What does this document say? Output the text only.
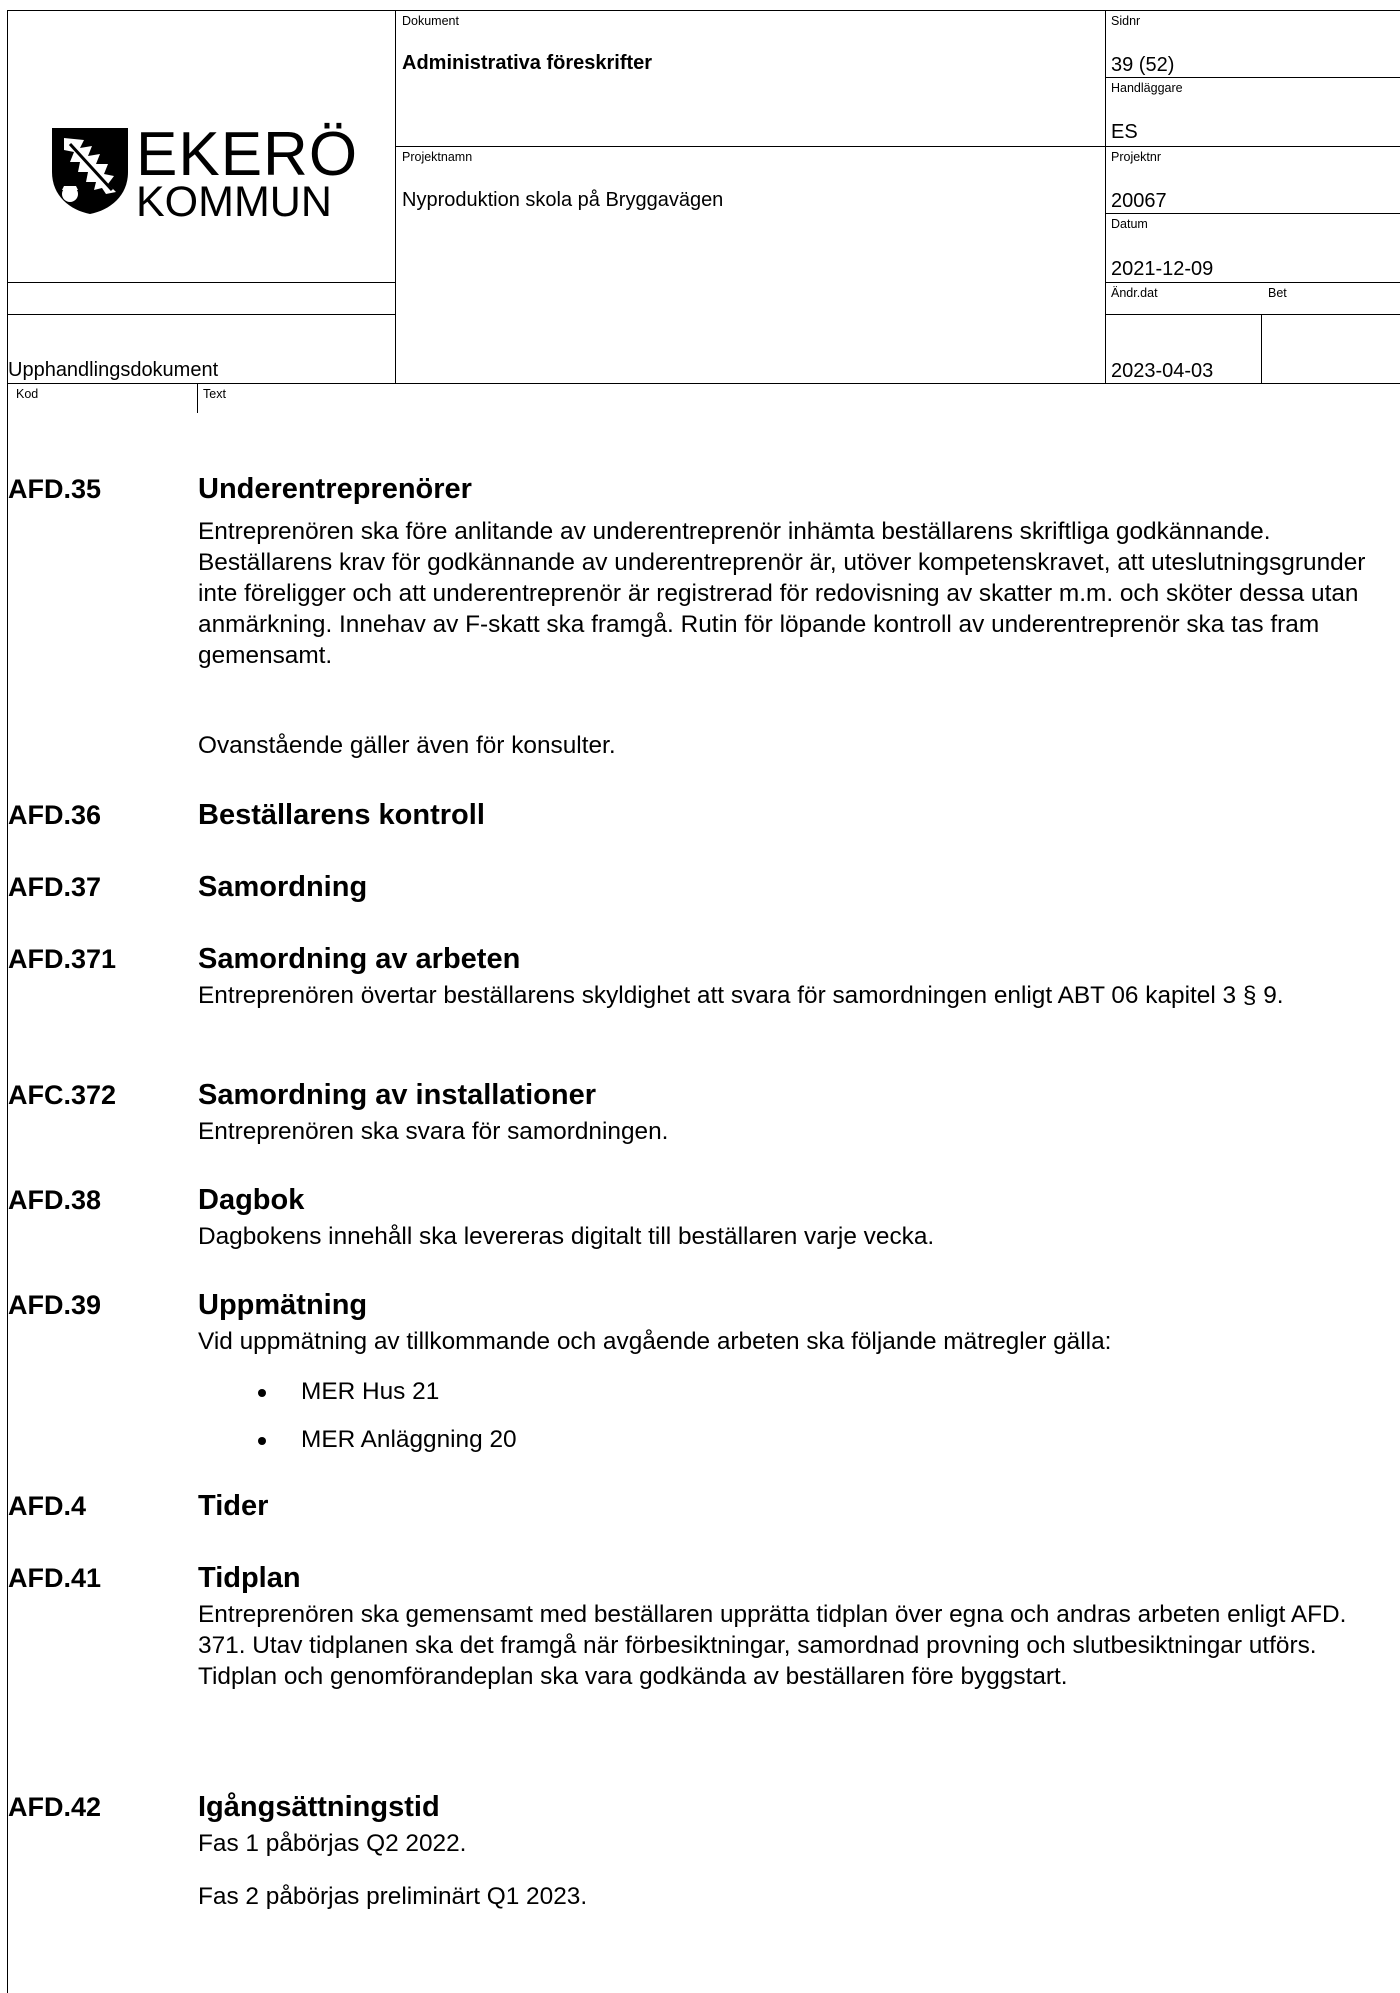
EKERÖ
KOMMUN
Dokument
Administrativa föreskrifter
Sidnr
39 (52)
Handläggare
ES
Projektnamn
Nyproduktion skola på Bryggavägen
Projektnr
20067
Datum
2021-12-09
Ändr.dat	Bet
2023-04-03
Upphandlingsdokument
Kod	Text
AFD.35	Underentreprenörer
Entreprenören ska före anlitande av underentreprenör inhämta beställarens skriftliga godkännande. Beställarens krav för godkännande av underentreprenör är, utöver kompetenskravet, att uteslutningsgrunder inte föreligger och att underentreprenör är registrerad för redovisning av skatter m.m. och sköter dessa utan anmärkning. Innehav av F-skatt ska framgå. Rutin för löpande kontroll av underentreprenör ska tas fram gemensamt.
Ovanstående gäller även för konsulter.
AFD.36	Beställarens kontroll
AFD.37	Samordning
AFD.371	Samordning av arbeten
Entreprenören övertar beställarens skyldighet att svara för samordningen enligt ABT 06 kapitel 3 § 9.
AFC.372	Samordning av installationer
Entreprenören ska svara för samordningen.
AFD.38	Dagbok
Dagbokens innehåll ska levereras digitalt till beställaren varje vecka.
AFD.39	Uppmätning
Vid uppmätning av tillkommande och avgående arbeten ska följande mätregler gälla:
MER Hus 21
MER Anläggning 20
AFD.4	Tider
AFD.41	Tidplan
Entreprenören ska gemensamt med beställaren upprätta tidplan över egna och andras arbeten enligt AFD. 371. Utav tidplanen ska det framgå när förbesiktningar, samordnad provning och slutbesiktningar utförs. Tidplan och genomförandeplan ska vara godkända av beställaren före byggstart.
AFD.42	Igångsättningstid
Fas 1 påbörjas Q2 2022.
Fas 2 påbörjas preliminärt Q1 2023.
